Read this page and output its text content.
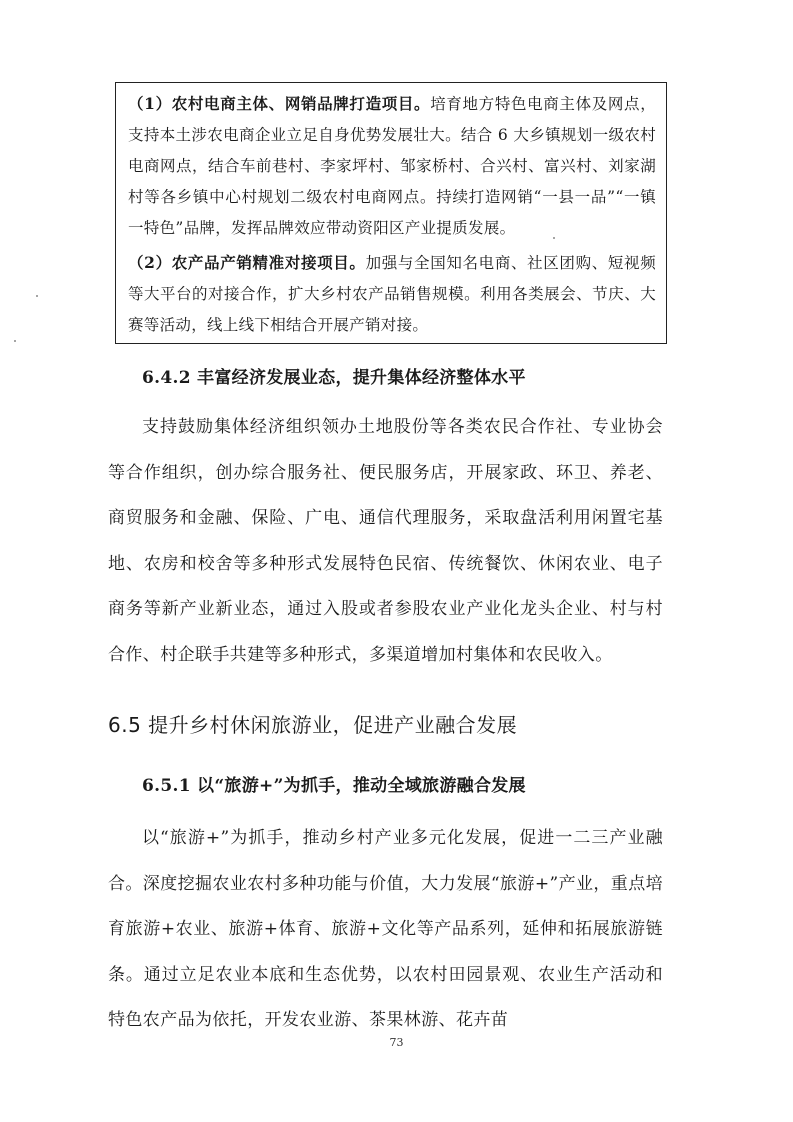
（1）农村电商主体、网销品牌打造项目。培育地方特色电商主体及网点，支持本土涉农电商企业立足自身优势发展壮大。结合 6 大乡镇规划一级农村电商网点，结合车前巷村、李家坪村、邹家桥村、合兴村、富兴村、刘家湖村等各乡镇中心村规划二级农村电商网点。持续打造网销“一县一品”“一镇一特色”品牌，发挥品牌效应带动资阳区产业提质发展。

（2）农产品产销精准对接项目。加强与全国知名电商、社区团购、短视频等大平台的对接合作，扩大乡村农产品销售规模。利用各类展会、节庆、大赛等活动，线上线下相结合开展产销对接。

6.4.2 丰富经济发展业态，提升集体经济整体水平

支持鼓励集体经济组织领办土地股份等各类农民合作社、专业协会等合作组织，创办综合服务社、便民服务店，开展家政、环卫、养老、商贸服务和金融、保险、广电、通信代理服务，采取盘活利用闲置宅基地、农房和校舍等多种形式发展特色民宿、传统餐饮、休闲农业、电子商务等新产业新业态，通过入股或者参股农业产业化龙头企业、村与村合作、村企联手共建等多种形式，多渠道增加村集体和农民收入。

6.5 提升乡村休闲旅游业，促进产业融合发展
6.5.1 以“旅游+”为抓手，推动全域旅游融合发展

以“旅游+”为抓手，推动乡村产业多元化发展，促进一二三产业融合。深度挖掘农业农村多种功能与价值，大力发展“旅游+”产业，重点培育旅游+农业、旅游+体育、旅游+文化等产品系列，延伸和拓展旅游链条。通过立足农业本底和生态优势，以农村田园景观、农业生产活动和特色农产品为依托，开发农业游、茶果林游、花卉苗

73
